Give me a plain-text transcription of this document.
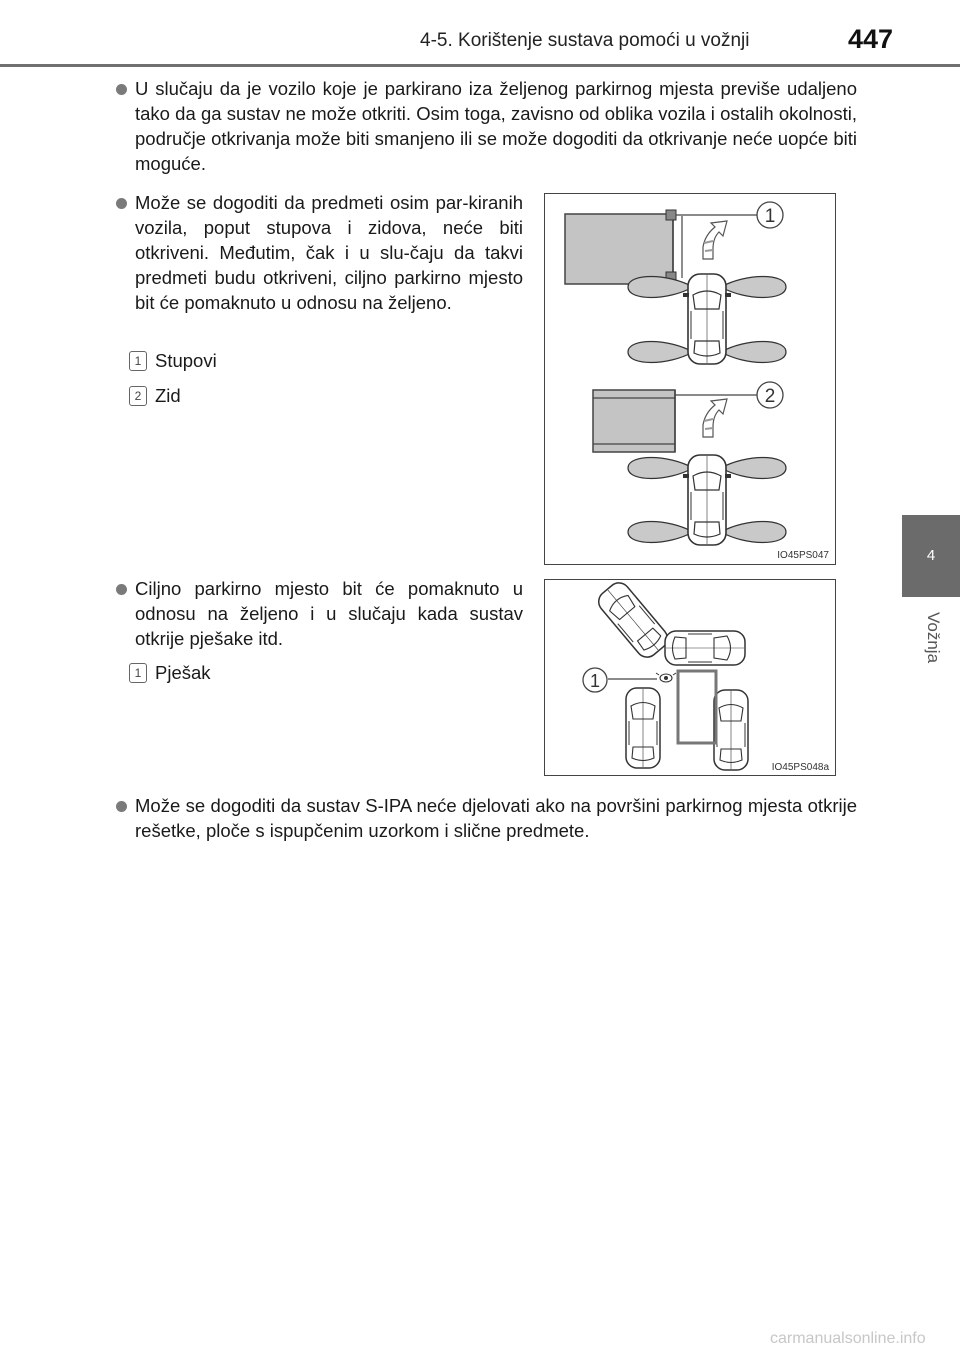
4-5. Korištenje sustava pomoći u vožnji	447
4
Vožnja
U slučaju da je vozilo koje je parkirano iza željenog parkirnog mjesta previše udaljeno tako da ga sustav ne može otkriti. Osim toga, zavisno od oblika vozila i ostalih okolnosti, područje otkrivanja može biti smanjeno ili se može dogoditi da otkrivanje neće uopće biti moguće.
Može se dogoditi da predmeti osim par-kiranih vozila, poput stupova i zidova, neće biti otkriveni. Međutim, čak i u slu-čaju da takvi predmeti budu otkriveni, ciljno parkirno mjesto bit će pomaknuto u odnosu na željeno.
1 Stupovi
2 Zid
1
2
IO45PS047
Ciljno parkirno mjesto bit će pomaknuto u odnosu na željeno i u slučaju kada sustav otkrije pješake itd.
1 Pješak	1
IO45PS048a
Može se dogoditi da sustav S-IPA neće djelovati ako na površini parkirnog mjesta otkrije rešetke, ploče s ispupčenim uzorkom i slične predmete.
carmanualsonline.info
